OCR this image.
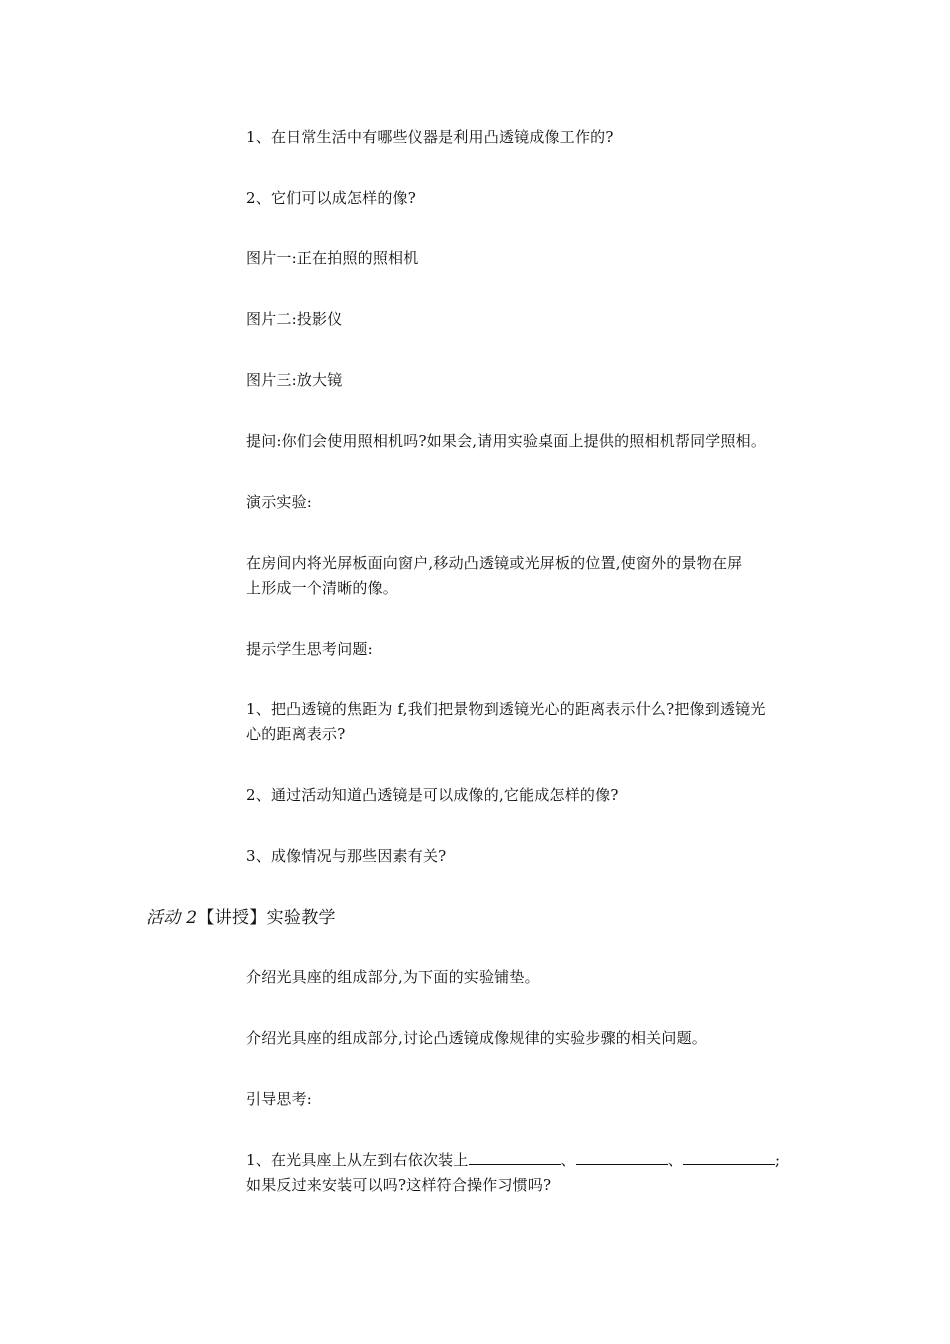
1、在日常生活中有哪些仪器是利用凸透镜成像工作的?
2、它们可以成怎样的像?
图片一:正在拍照的照相机
图片二:投影仪
图片三:放大镜
提问:你们会使用照相机吗?如果会,请用实验桌面上提供的照相机帮同学照相。
演示实验:
在房间内将光屏板面向窗户,移动凸透镜或光屏板的位置,使窗外的景物在屏
上形成一个清晰的像。
提示学生思考问题:
1、把凸透镜的焦距为 f,我们把景物到透镜光心的距离表示什么?把像到透镜光
心的距离表示?
2、通过活动知道凸透镜是可以成像的,它能成怎样的像?
3、成像情况与那些因素有关?
活动 2【讲授】实验教学
介绍光具座的组成部分,为下面的实验铺垫。
介绍光具座的组成部分,讨论凸透镜成像规律的实验步骤的相关问题。
引导思考:
1、在光具座上从左到右依次装上	、	、	;
如果反过来安装可以吗?这样符合操作习惯吗?
